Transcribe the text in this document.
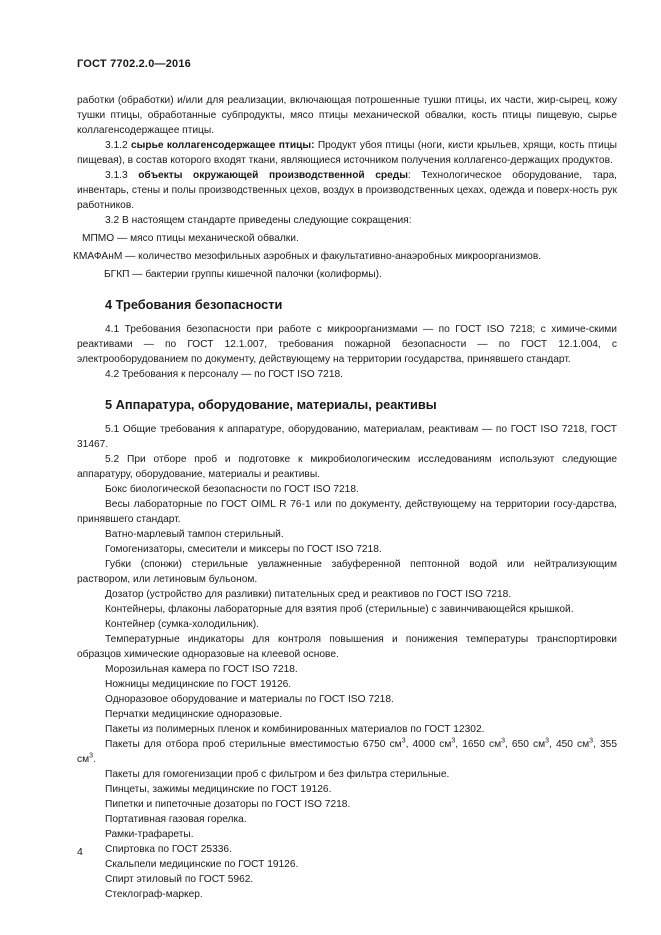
ГОСТ 7702.2.0—2016

работки (обработки) и/или для реализации, включающая потрошенные тушки птицы, их части, жир-сырец, кожу тушки птицы, обработанные субпродукты, мясо птицы механической обвалки, кость птицы пищевую, сырье коллагенсодержащее птицы.

3.1.2 сырье коллагенсодержащее птицы: Продукт убоя птицы (ноги, кисти крыльев, хрящи, кость птицы пищевая), в состав которого входят ткани, являющиеся источником получения коллагенсо-держащих продуктов.

3.1.3 объекты окружающей производственной среды: Технологическое оборудование, тара, инвентарь, стены и полы производственных цехов, воздух в производственных цехах, одежда и поверх-ность рук работников.

3.2 В настоящем стандарте приведены следующие сокращения:

МПМО — мясо птицы механической обвалки.

КМАФАнМ — количество мезофильных аэробных и факультативно-анаэробных микроорганизмов.

БГКП — бактерии группы кишечной палочки (колиформы).

4 Требования безопасности

4.1 Требования безопасности при работе с микроорганизмами — по ГОСТ ISO 7218; с химиче-скими реактивами — по ГОСТ 12.1.007, требования пожарной безопасности — по ГОСТ 12.1.004, с электрооборудованием по документу, действующему на территории государства, принявшего стандарт.

4.2 Требования к персоналу — по ГОСТ ISO 7218.

5 Аппаратура, оборудование, материалы, реактивы

5.1 Общие требования к аппаратуре, оборудованию, материалам, реактивам — по ГОСТ ISO 7218, ГОСТ 31467.

5.2 При отборе проб и подготовке к микробиологическим исследованиям используют следующие аппаратуру, оборудование, материалы и реактивы.

Бокс биологической безопасности по ГОСТ ISO 7218.

Весы лабораторные по ГОСТ OIML R 76-1 или по документу, действующему на территории госу-дарства, принявшего стандарт.

Ватно-марлевый тампон стерильный.

Гомогенизаторы, смесители и миксеры по ГОСТ ISO 7218.

Губки (спонжи) стерильные увлажненные забуференной пептонной водой или нейтрализующим раствором, или летиновым бульоном.

Дозатор (устройство для разливки) питательных сред и реактивов по ГОСТ ISO 7218.

Контейнеры, флаконы лабораторные для взятия проб (стерильные) с завинчивающейся крышкой.

Контейнер (сумка-холодильник).

Температурные индикаторы для контроля повышения и понижения температуры транспортировки образцов химические одноразовые на клеевой основе.

Морозильная камера по ГОСТ ISO 7218.

Ножницы медицинские по ГОСТ 19126.

Одноразовое оборудование и материалы по ГОСТ ISO 7218.

Перчатки медицинские одноразовые.

Пакеты из полимерных пленок и комбинированных материалов по ГОСТ 12302.

Пакеты для отбора проб стерильные вместимостью 6750 $см^3$, 4000 $см^3$, 1650 $см^3$, 650 $см^3$, 450 $см^3$, 355 $см^3$.

Пакеты для гомогенизации проб с фильтром и без фильтра стерильные.

Пинцеты, зажимы медицинские по ГОСТ 19126.

Пипетки и пипеточные дозаторы по ГОСТ ISO 7218.

Портативная газовая горелка.

Рамки-трафареты.

Спиртовка по ГОСТ 25336.

Скальпели медицинские по ГОСТ 19126.

Спирт этиловый по ГОСТ 5962.

Стеклограф-маркер.

4
